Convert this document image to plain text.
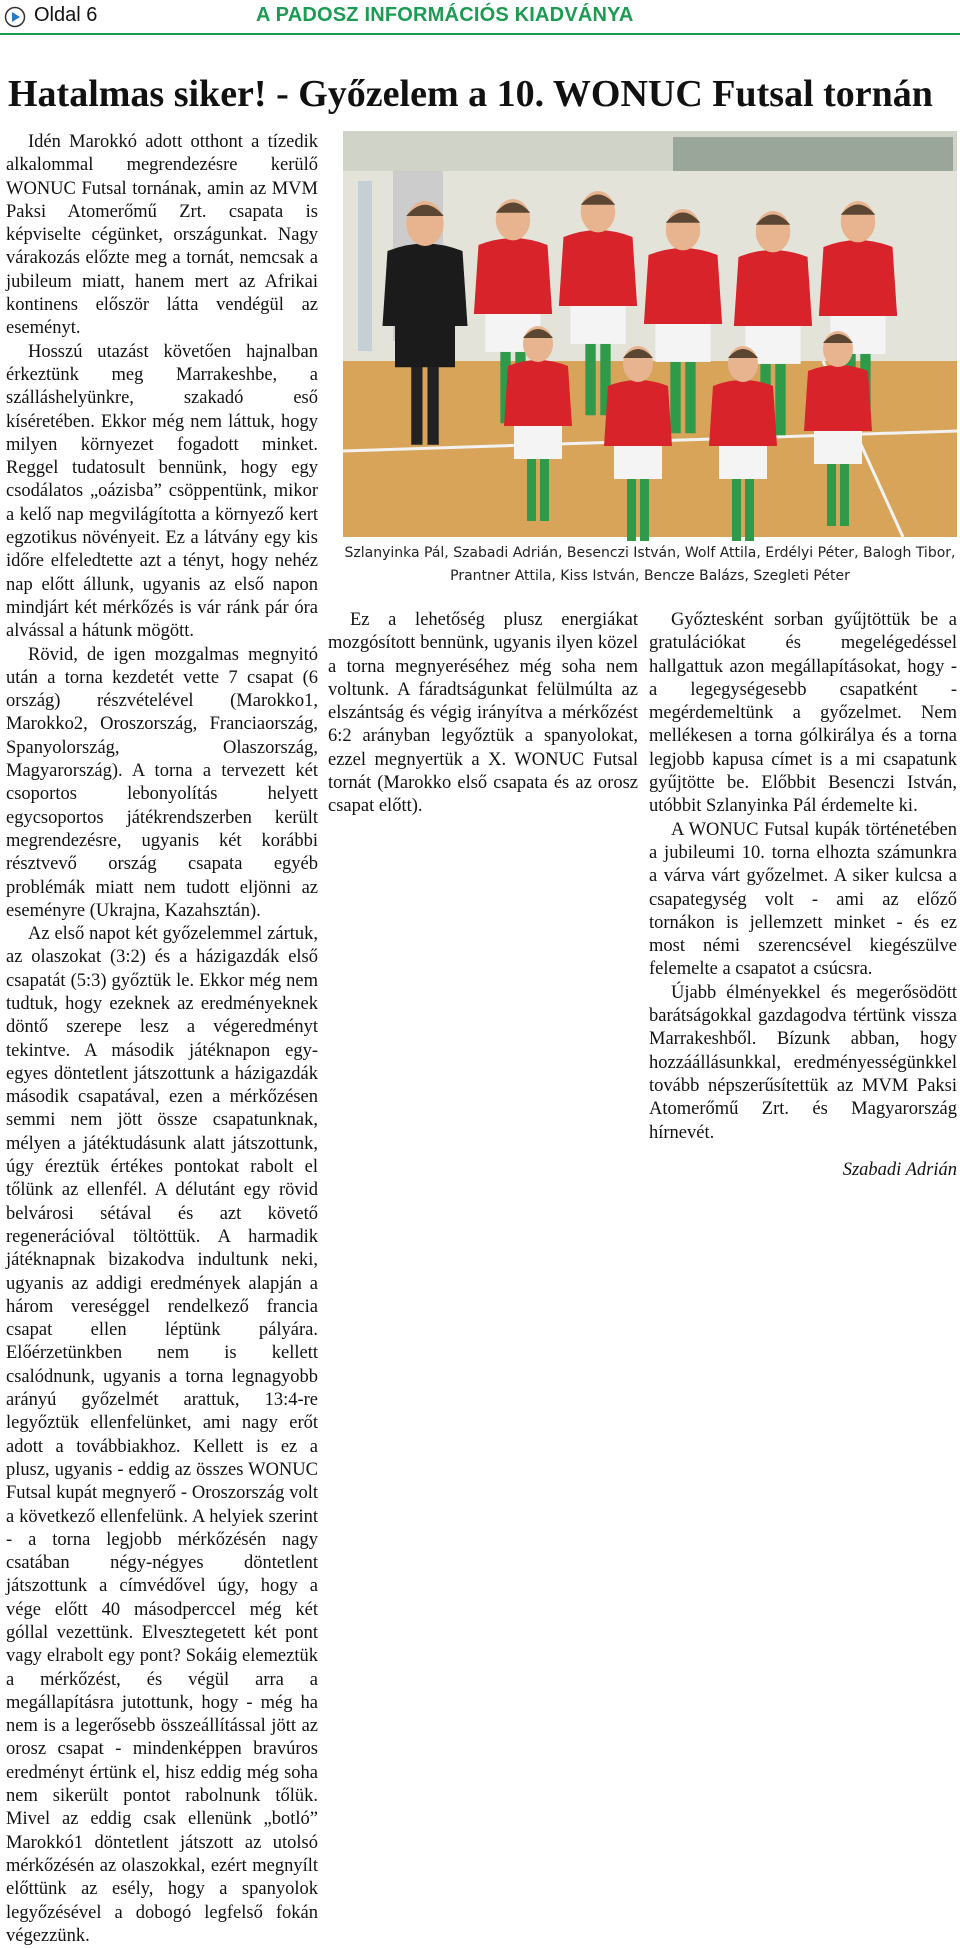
Oldal 6	A PADOSZ INFORMÁCIÓS KIADVÁNYA
Hatalmas siker! - Győzelem a 10. WONUC Futsal tornán

Idén Marokkó adott otthont a tízedik alkalommal megrendezésre kerülő WONUC Futsal tornának, amin az MVM Paksi Atomerőmű Zrt. csapata is képviselte cégünket, országunkat. Nagy várakozás előzte meg a tornát, nemcsak a jubileum miatt, hanem mert az Afrikai kontinens először látta vendégül az eseményt.

Hosszú utazást követően hajnalban érkeztünk meg Marrakeshbe, a szálláshelyünkre, szakadó eső kíséretében. Ekkor még nem láttuk, hogy milyen környezet fogadott minket. Reggel tudatosult bennünk, hogy egy csodálatos „oázisba” csöppentünk, mikor a kelő nap megvilágította a környező kert egzotikus növényeit. Ez a látvány egy kis időre elfeledtette azt a tényt, hogy nehéz nap előtt állunk, ugyanis az első napon mindjárt két mérkőzés is vár ránk pár óra alvással a hátunk mögött.

Rövid, de igen mozgalmas megnyitó után a torna kezdetét vette 7 csapat (6 ország) részvételével (Marokko1, Marokko2, Oroszország, Franciaország, Spanyolország, Olaszország, Magyarország). A torna a tervezett két csoportos lebonyolítás helyett egycsoportos játékrendszerben került megrendezésre, ugyanis két korábbi résztvevő ország csapata egyéb problémák miatt nem tudott eljönni az eseményre (Ukrajna, Kazahsztán).

Az első napot két győzelemmel zártuk, az olaszokat (3:2) és a házigazdák első csapatát (5:3) győztük le. Ekkor még nem tudtuk, hogy ezeknek az eredményeknek döntő szerepe lesz a végeredményt tekintve. A második játéknapon egy-egyes döntetlent játszottunk a házigazdák második csapatával, ezen a mérkőzésen semmi nem jött össze csapatunknak, mélyen a játéktudásunk alatt játszottunk, úgy éreztük értékes pontokat rabolt el tőlünk az ellenfél. A délutánt egy rövid belvárosi sétával és azt követő regenerációval töltöttük. A harmadik játéknapnak bizakodva indultunk neki, ugyanis az addigi eredmények alapján a három vereséggel rendelkező francia csapat ellen léptünk pályára. Előérzetünkben nem is kellett csalódnunk, ugyanis a torna legnagyobb arányú győzelmét arattuk, 13:4-re legyőztük ellenfelünket, ami nagy erőt adott a továbbiakhoz. Kellett is ez a plusz, ugyanis - eddig az összes WONUC Futsal kupát megnyerő - Oroszország volt a következő ellenfelünk. A helyiek szerint - a torna legjobb mérkőzésén nagy csatában négy-négyes döntetlent játszottunk a címvédővel úgy, hogy a vége előtt 40 másodperccel még két góllal vezettünk. Elvesztegetett két pont vagy elrabolt egy pont? Sokáig elemeztük a mérkőzést, és végül arra a megállapításra jutottunk, hogy - még ha nem is a legerősebb összeállítással jött az orosz csapat - mindenképpen bravúros eredményt értünk el, hisz eddig még soha nem sikerült pontot rabolnunk tőlük. Mivel az eddig csak ellenünk „botló” Marokkó1 döntetlent játszott az utolsó mérkőzésén az olaszokkal, ezért megnyílt előttünk az esély, hogy a spanyolok legyőzésével a dobogó legfelső fokán végezzünk.

Szlanyinka Pál, Szabadi Adrián, Besenczi István, Wolf Attila, Erdélyi Péter, Balogh Tibor,
Prantner Attila, Kiss István, Bencze Balázs, Szegleti Péter

Ez a lehetőség plusz energiákat mozgósított bennünk, ugyanis ilyen közel a torna megnyeréséhez még soha nem voltunk. A fáradtságunkat felülmúlta az elszántság és végig irányítva a mérkőzést 6:2 arányban legyőztük a spanyolokat, ezzel megnyertük a X. WONUC Futsal tornát (Marokko első csapata és az orosz csapat előtt).

Győztesként sorban gyűjtöttük be a gratulációkat és megelégedéssel hallgattuk azon megállapításokat, hogy - a legegységesebb csapatként - megérdemeltünk a győzelmet. Nem mellékesen a torna gólkirálya és a torna legjobb kapusa címet is a mi csapatunk gyűjtötte be. Előbbit Besenczi István, utóbbit Szlanyinka Pál érdemelte ki.

A WONUC Futsal kupák történetében a jubileumi 10. torna elhozta számunkra a várva várt győzelmet. A siker kulcsa a csapategység volt - ami az előző tornákon is jellemzett minket - és ez most némi szerencsével kiegészülve felemelte a csapatot a csúcsra.

Újabb élményekkel és megerősödött barátságokkal gazdagodva tértünk vissza Marrakeshből. Bízunk abban, hogy hozzáállásunkkal, eredményességünkkel tovább népszerűsítettük az MVM Paksi Atomerőmű Zrt. és Magyarország hírnevét.

Szabadi Adrián
